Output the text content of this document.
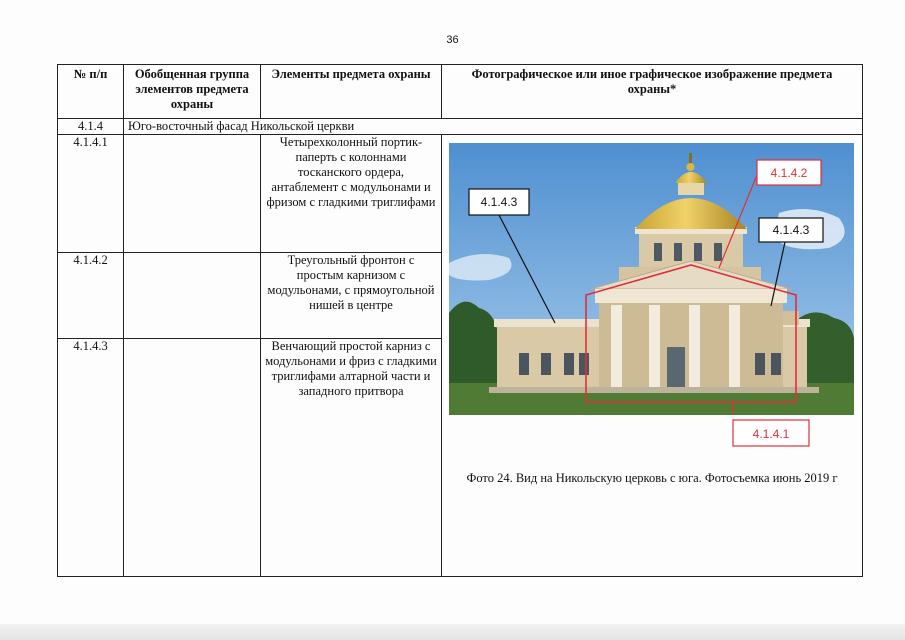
36
№ п/п	Обобщенная группа элементов предмета охраны	Элементы предмета охраны	Фотографическое или иное графическое изображение предмета охраны*
4.1.4	Юго-восточный фасад Никольской церкви		
4.1.4.1		Четырехколонный портик-паперть с колоннами тосканского ордера, антаблемент с модульонами и фризом с гладкими триглифами	4.1.4.3
4.1.4.3
4.1.4.2
4.1.4.1
Фото 24. Вид на Никольскую церковь с юга. Фотосъемка июнь 2019 г

4.1.4.2		Треугольный фронтон с простым карнизом с модульонами, с прямоугольной нишей в центре	
4.1.4.3		Венчающий простой карниз с модульонами и фриз с гладкими триглифами алтарной части и западного притвора	
